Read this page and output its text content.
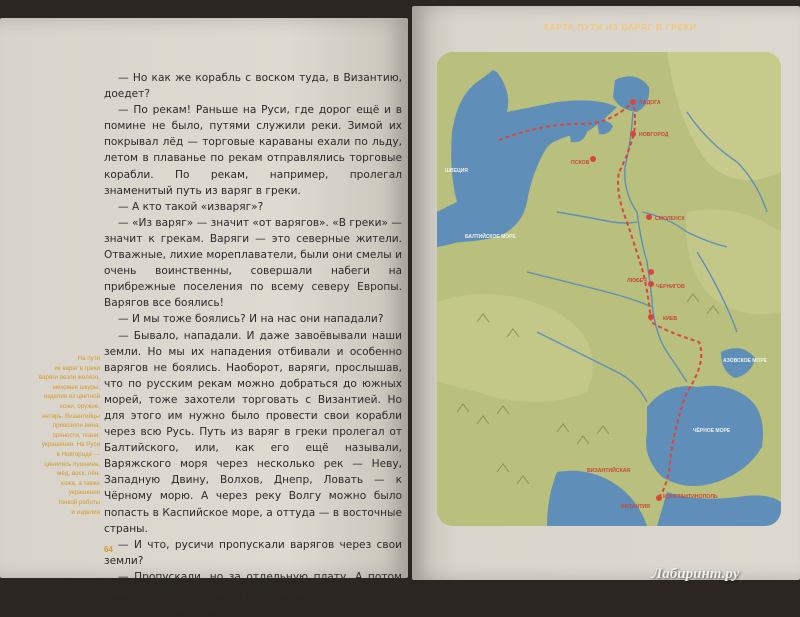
— Но как же корабль с воском туда, в Византию, доедет?

— По рекам! Раньше на Руси, где дорог ещё и в помине не было, путями служили реки. Зимой их покрывал лёд — торговые караваны ехали по льду, летом в плаванье по рекам отправлялись торговые корабли. По рекам, например, пролегал знаменитый путь из варяг в греки.

— А кто такой «изваряг»?

— «Из варяг» — значит «от варягов». «В греки» — значит к грекам. Варяги — это северные жители. Отважные, лихие мореплаватели, были они смелы и очень воинственны, совершали набеги на прибрежные поселения по всему северу Европы. Варягов все боялись!

— И мы тоже боялись? И на нас они нападали?

— Бывало, нападали. И даже завоёвывали наши земли. Но мы их нападения отбивали и особенно варягов не боялись. Наоборот, варяги, прослышав, что по русским рекам можно добраться до южных морей, тоже захотели торговать с Византией. Но для этого им нужно было провести свои корабли через всю Русь. Путь из варяг в греки пролегал от Балтийского, или, как его ещё называли, Варяжского моря через несколько рек — Неву, Западную Двину, Волхов, Днепр, Ловать — к Чёрному морю. А через реку Волгу можно было попасть в Каспийское море, а оттуда — в восточные страны.

— И что, русичи пропускали варягов через свои земли?

— Пропускали, но за отдельную плату. А потом сами стали брать товар у гостей на севере, везти их на юг и там выгодно продавать.

На пути
из варяг в греки
варяги везли железо,
меховые шкуры,
изделия из цветной
кожи, оружие,
янтарь. Византийцы
привозили вина,
пряности, ткани,
украшения. На Руси
в Новгороде —
ценились пушнина,
мёд, воск, лён,
кожа, а также
украшения
тонкой работы
и изделия
64
КАРТА ПУТИ ИЗ ВАРЯГ В ГРЕКИ
ЛАДОГА
НОВГОРОД
ПСКОВ
СМОЛЕНСК
ЛЮБЕЧ
ЧЕРНИГОВ
КИЕВ
КОНСТАНТИНОПОЛЬ
ВИЗАНТИЯ
ВИЗАНТИЙСКАЯ
БАЛТИЙСКОЕ МОРЕ
ШВЕЦИЯ
АЗОВСКОЕ МОРЕ
ЧЁРНОЕ МОРЕ
Лабиринт.ру
